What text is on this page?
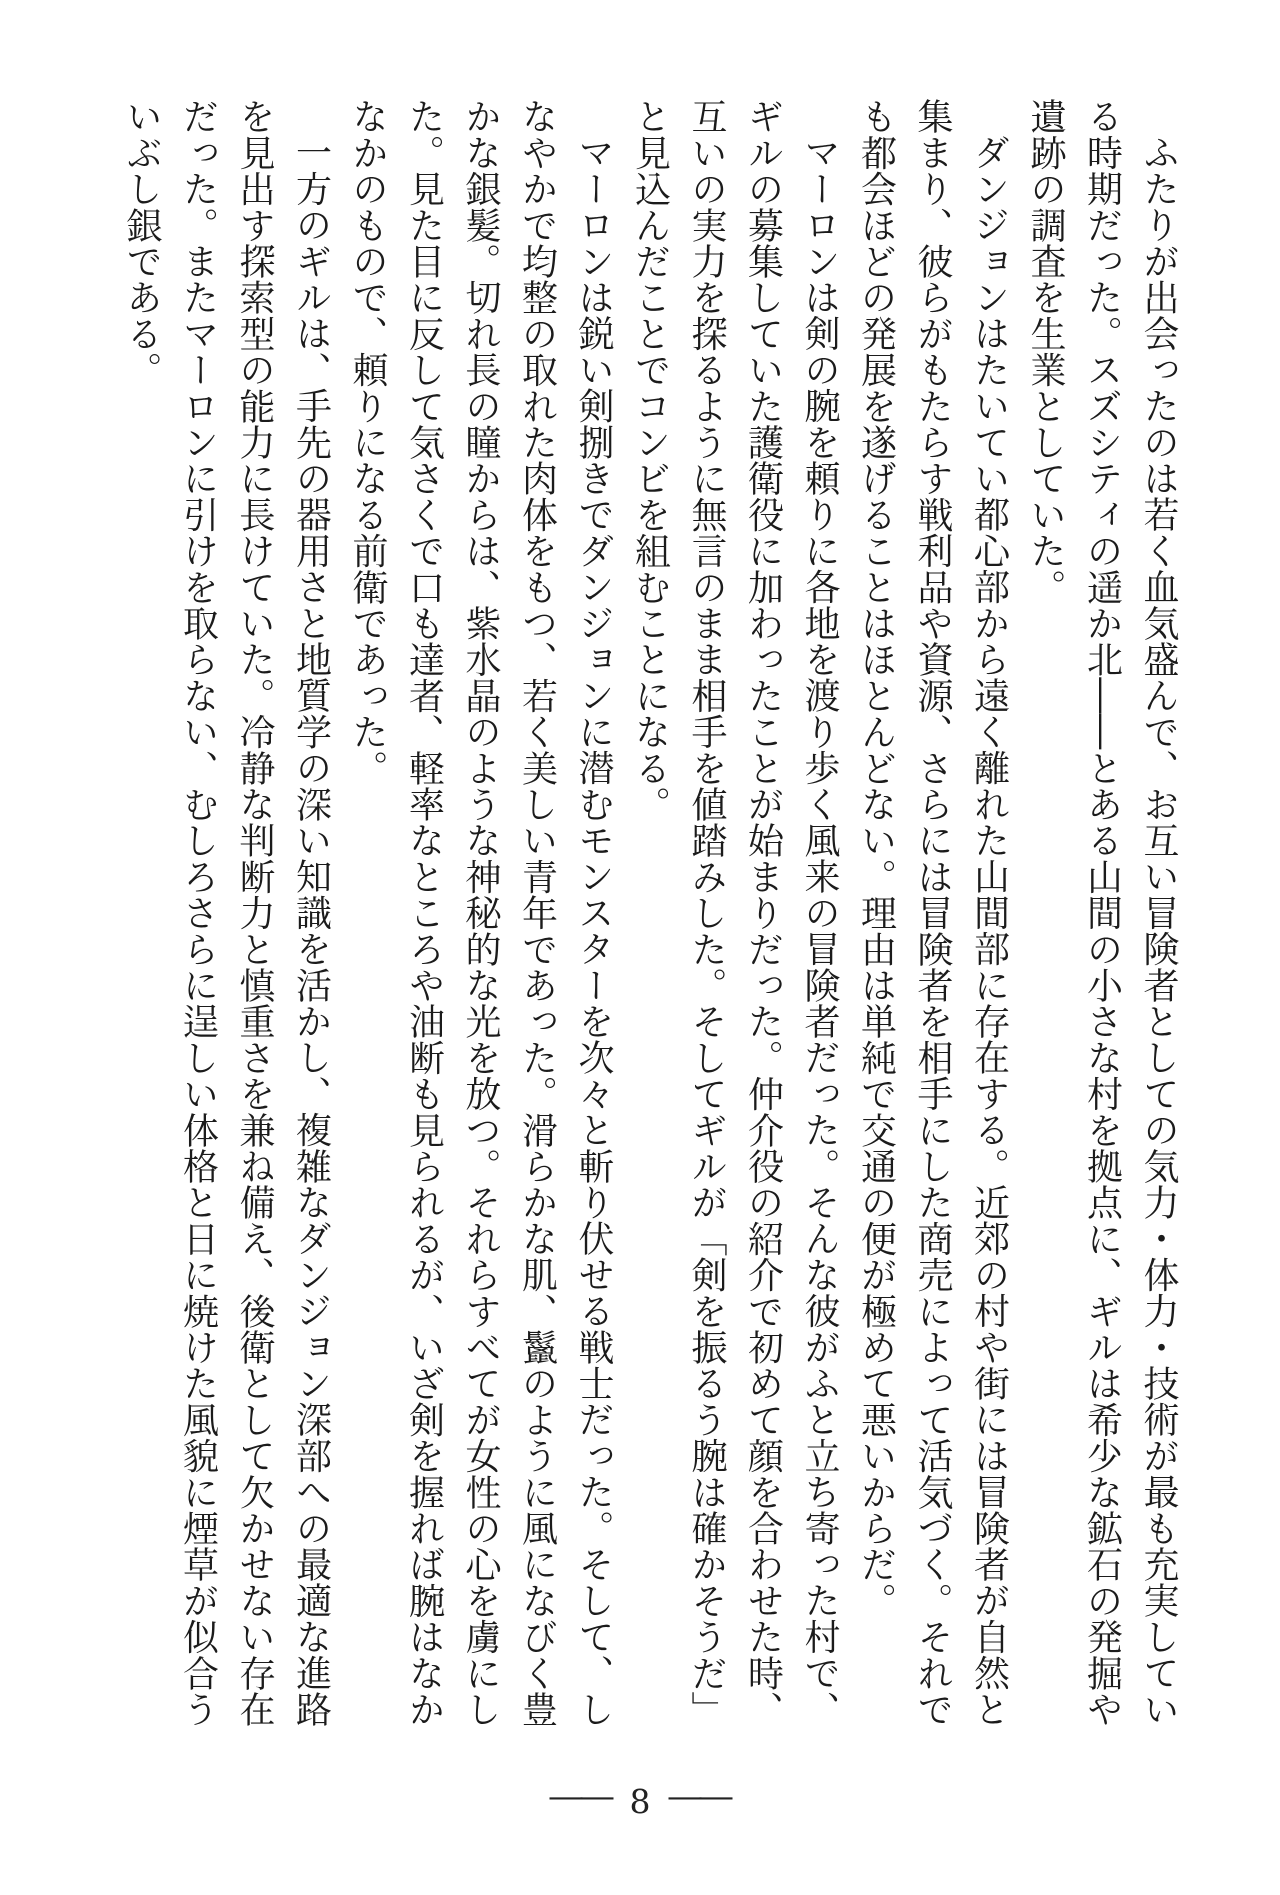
ふたりが出会ったのは若く血気盛んで、お互い冒険者としての気力・体力・技術が最も充実している時期だった。スズシティの遥か北――とある山間の小さな村を拠点に、ギルは希少な鉱石の発掘や遺跡の調査を生業としていた。

ダンジョンはたいてい都心部から遠く離れた山間部に存在する。近郊の村や街には冒険者が自然と集まり、彼らがもたらす戦利品や資源、さらには冒険者を相手にした商売によって活気づく。それでも都会ほどの発展を遂げることはほとんどない。理由は単純で交通の便が極めて悪いからだ。

マーロンは剣の腕を頼りに各地を渡り歩く風来の冒険者だった。そんな彼がふと立ち寄った村で、ギルの募集していた護衛役に加わったことが始まりだった。仲介役の紹介で初めて顔を合わせた時、互いの実力を探るように無言のまま相手を値踏みした。そしてギルが「剣を振るう腕は確かそうだ」と見込んだことでコンビを組むことになる。

マーロンは鋭い剣捌きでダンジョンに潜むモンスターを次々と斬り伏せる戦士だった。そして、しなやかで均整の取れた肉体をもつ、若く美しい青年であった。滑らかな肌、鬣のように風になびく豊かな銀髪。切れ長の瞳からは、紫水晶のような神秘的な光を放つ。それらすべてが女性の心を虜にした。見た目に反して気さくで口も達者、軽率なところや油断も見られるが、いざ剣を握れば腕はなかなかのもので、頼りになる前衛であった。

一方のギルは、手先の器用さと地質学の深い知識を活かし、複雑なダンジョン深部への最適な進路を見出す探索型の能力に長けていた。冷静な判断力と慎重さを兼ね備え、後衛として欠かせない存在だった。またマーロンに引けを取らない、むしろさらに逞しい体格と日に焼けた風貌に煙草が似合ういぶし銀である。

―― 8 ――
